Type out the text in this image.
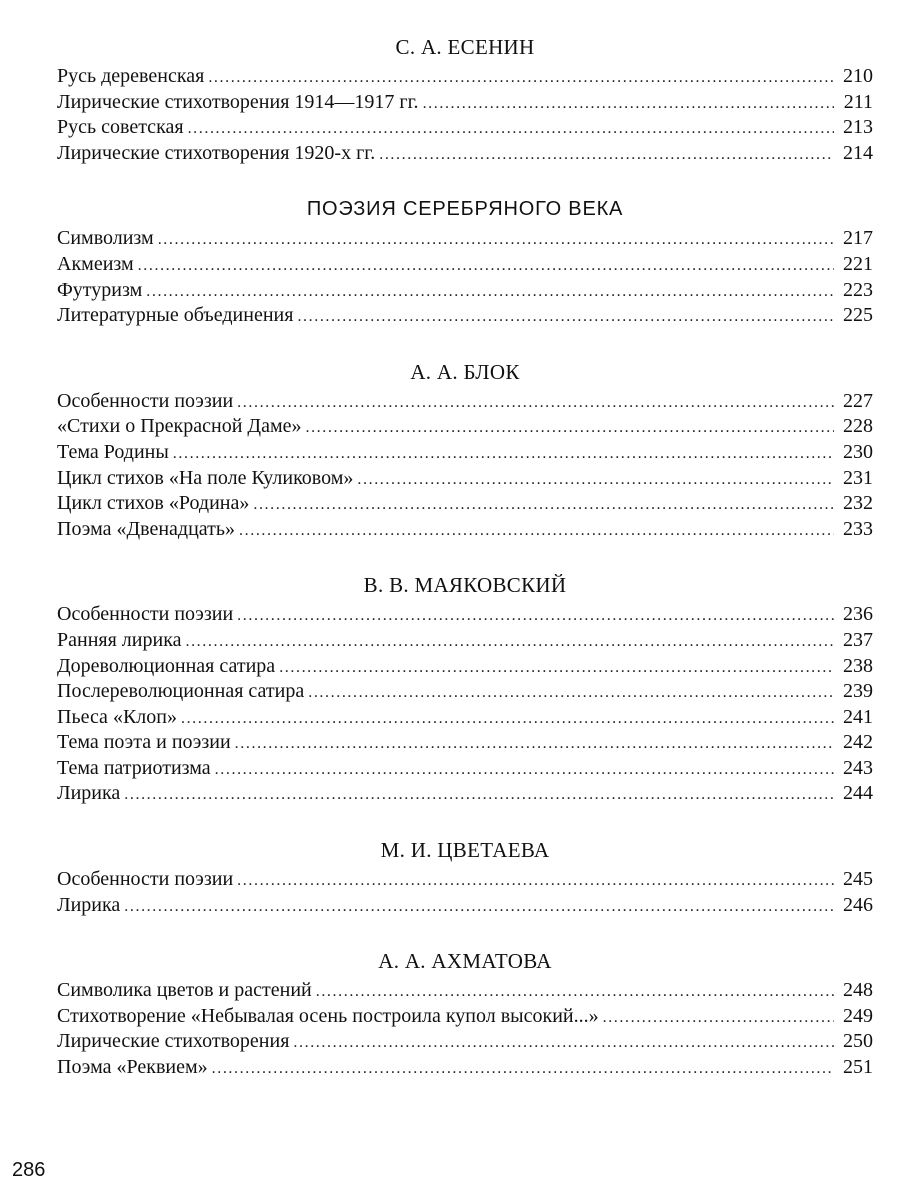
С. А. ЕСЕНИН
Русь деревенская .....	210
Лирические стихотворения 1914—1917 гг. .....	211
Русь советская .....	213
Лирические стихотворения 1920-х гг. .....	214
ПОЭЗИЯ СЕРЕБРЯНОГО ВЕКА
Символизм .....	217
Акмеизм .....	221
Футуризм .....	223
Литературные объединения .....	225
А. А. БЛОК
Особенности поэзии .....	227
«Стихи о Прекрасной Даме» .....	228
Тема Родины .....	230
Цикл стихов «На поле Куликовом» .....	231
Цикл стихов «Родина» .....	232
Поэма «Двенадцать» .....	233
В. В. МАЯКОВСКИЙ
Особенности поэзии .....	236
Ранняя лирика .....	237
Дореволюционная сатира .....	238
Послереволюционная сатира .....	239
Пьеса «Клоп» .....	241
Тема поэта и поэзии .....	242
Тема патриотизма .....	243
Лирика .....	244
М. И. ЦВЕТАЕВА
Особенности поэзии .....	245
Лирика .....	246
А. А. АХМАТОВА
Символика цветов и растений .....	248
Стихотворение «Небывалая осень построила купол высокий...» .....	249
Лирические стихотворения .....	250
Поэма «Реквием» .....	251
286
